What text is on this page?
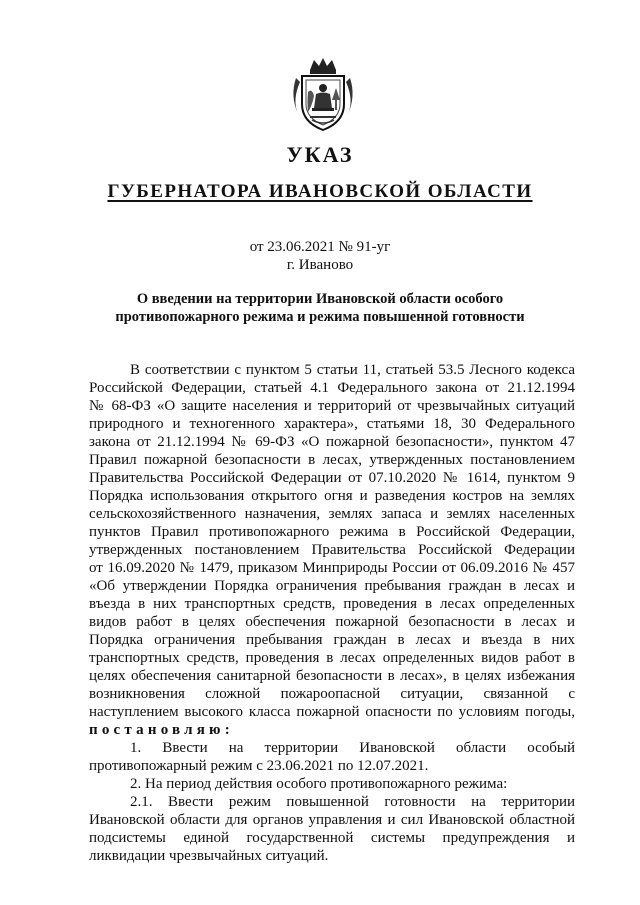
УКАЗ
ГУБЕРНАТОРА ИВАНОВСКОЙ ОБЛАСТИ
от 23.06.2021 № 91-уг
г. Иваново
О введении на территории Ивановской области особого
противопожарного режима и режима повышенной готовности
В соответствии с пунктом 5 статьи 11, статьей 53.5 Лесного кодекса
Российской Федерации, статьей 4.1 Федерального закона от 21.12.1994
№ 68-ФЗ «О защите населения и территорий от чрезвычайных ситуаций
природного и техногенного характера», статьями 18, 30 Федерального
закона от 21.12.1994 № 69-ФЗ «О пожарной безопасности», пунктом 47
Правил пожарной безопасности в лесах, утвержденных постановлением
Правительства Российской Федерации от 07.10.2020 № 1614, пунктом 9
Порядка использования открытого огня и разведения костров на землях
сельскохозяйственного назначения, землях запаса и землях населенных
пунктов Правил противопожарного режима в Российской Федерации,
утвержденных постановлением Правительства Российской Федерации
от 16.09.2020 № 1479, приказом Минприроды России от 06.09.2016 № 457
«Об утверждении Порядка ограничения пребывания граждан в лесах и
въезда в них транспортных средств, проведения в лесах определенных
видов работ в целях обеспечения пожарной безопасности в лесах и
Порядка ограничения пребывания граждан в лесах и въезда в них
транспортных средств, проведения в лесах определенных видов работ в
целях обеспечения санитарной безопасности в лесах», в целях избежания
возникновения сложной пожароопасной ситуации, связанной с
наступлением высокого класса пожарной опасности по условиям погоды,
постановляю:
1. Ввести на территории Ивановской области особый
противопожарный режим с 23.06.2021 по 12.07.2021.
2. На период действия особого противопожарного режима:
2.1. Ввести режим повышенной готовности на территории
Ивановской области для органов управления и сил Ивановской областной
подсистемы единой государственной системы предупреждения и
ликвидации чрезвычайных ситуаций.
